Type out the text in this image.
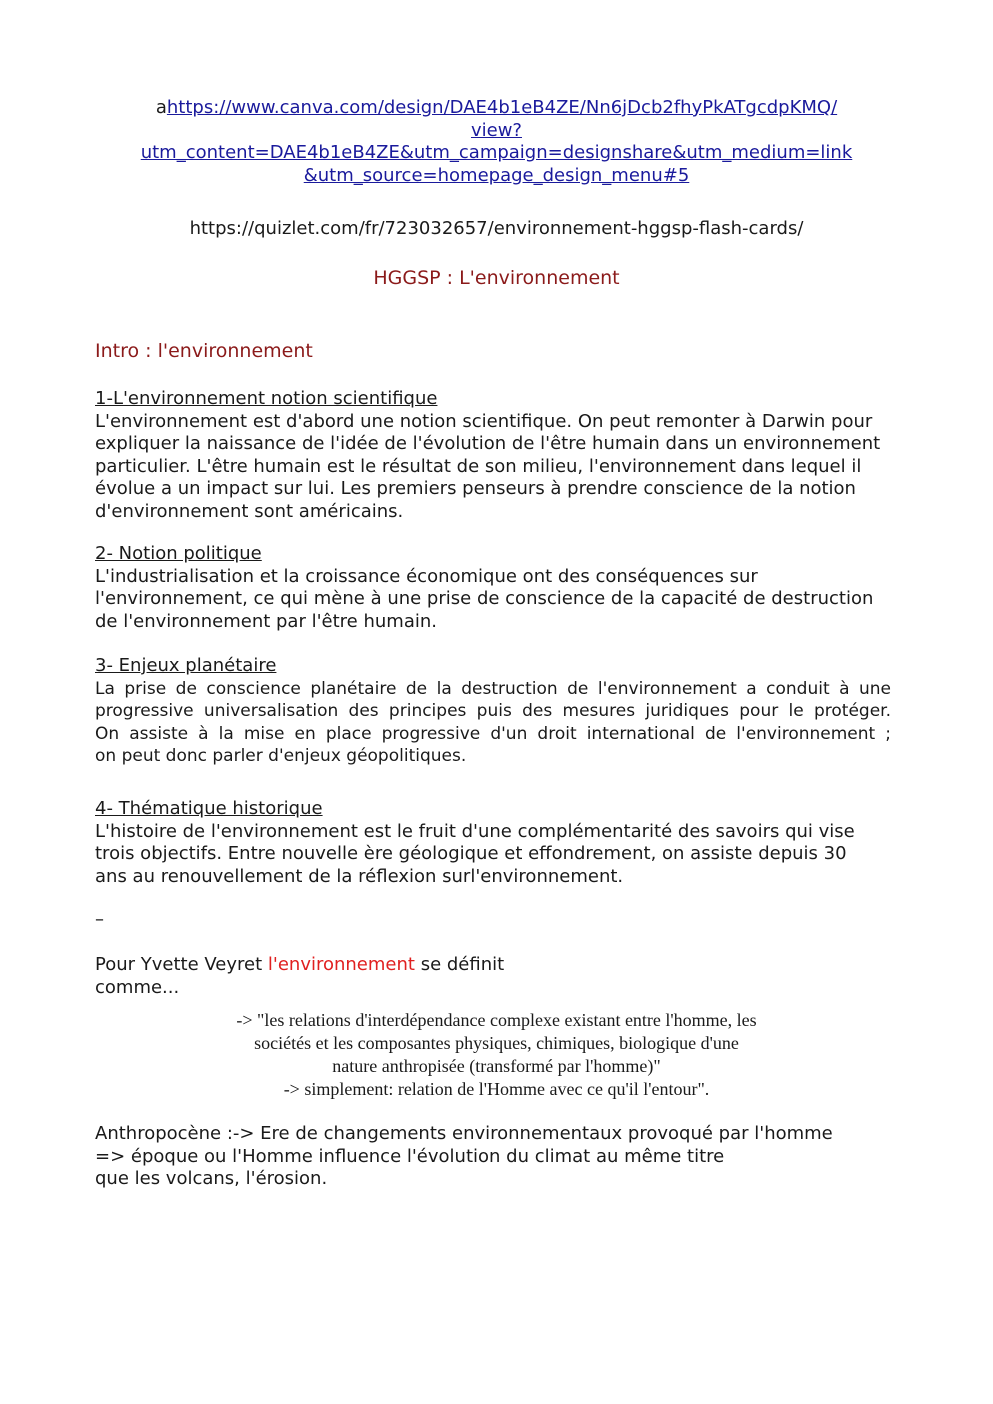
ahttps://www.canva.com/design/DAE4b1eB4ZE/Nn6jDcb2fhyPkATgcdpKMQ/

view?

utm_content=DAE4b1eB4ZE&utm_campaign=designshare&utm_medium=link

&utm_source=homepage_design_menu#5

https://quizlet.com/fr/723032657/environnement-hggsp-flash-cards/
HGGSP : L'environnement
Intro : l'environnement

1-L'environnement notion scientifique

L'environnement est d'abord une notion scientifique. On peut remonter à Darwin pour

expliquer la naissance de l'idée de l'évolution de l'être humain dans un environnement

particulier. L'être humain est le résultat de son milieu, l'environnement dans lequel il

évolue a un impact sur lui. Les premiers penseurs à prendre conscience de la notion

d'environnement sont américains.

2- Notion politique

L'industrialisation et la croissance économique ont des conséquences sur

l'environnement, ce qui mène à une prise de conscience de la capacité de destruction

de l'environnement par l'être humain.

3- Enjeux planétaire

La prise de conscience planétaire de la destruction de l'environnement a conduit à une

progressive universalisation des principes puis des mesures juridiques pour le protéger.

On assiste à la mise en place progressive d'un droit international de l'environnement ;

on peut donc parler d'enjeux géopolitiques.

4- Thématique historique

L'histoire de l'environnement est le fruit d'une complémentarité des savoirs qui vise

trois objectifs. Entre nouvelle ère géologique et effondrement, on assiste depuis 30

ans au renouvellement de la réflexion surl'environnement.

–

Pour Yvette Veyret l'environnement se définit

comme...

-> "les relations d'interdépendance complexe existant entre l'homme, les

sociétés et les composantes physiques, chimiques, biologique d'une

nature anthropisée (transformé par l'homme)"

-> simplement: relation de l'Homme avec ce qu'il l'entour".

Anthropocène :-> Ere de changements environnementaux provoqué par l'homme

=> époque ou l'Homme influence l'évolution du climat au même titre

que les volcans, l'érosion.
